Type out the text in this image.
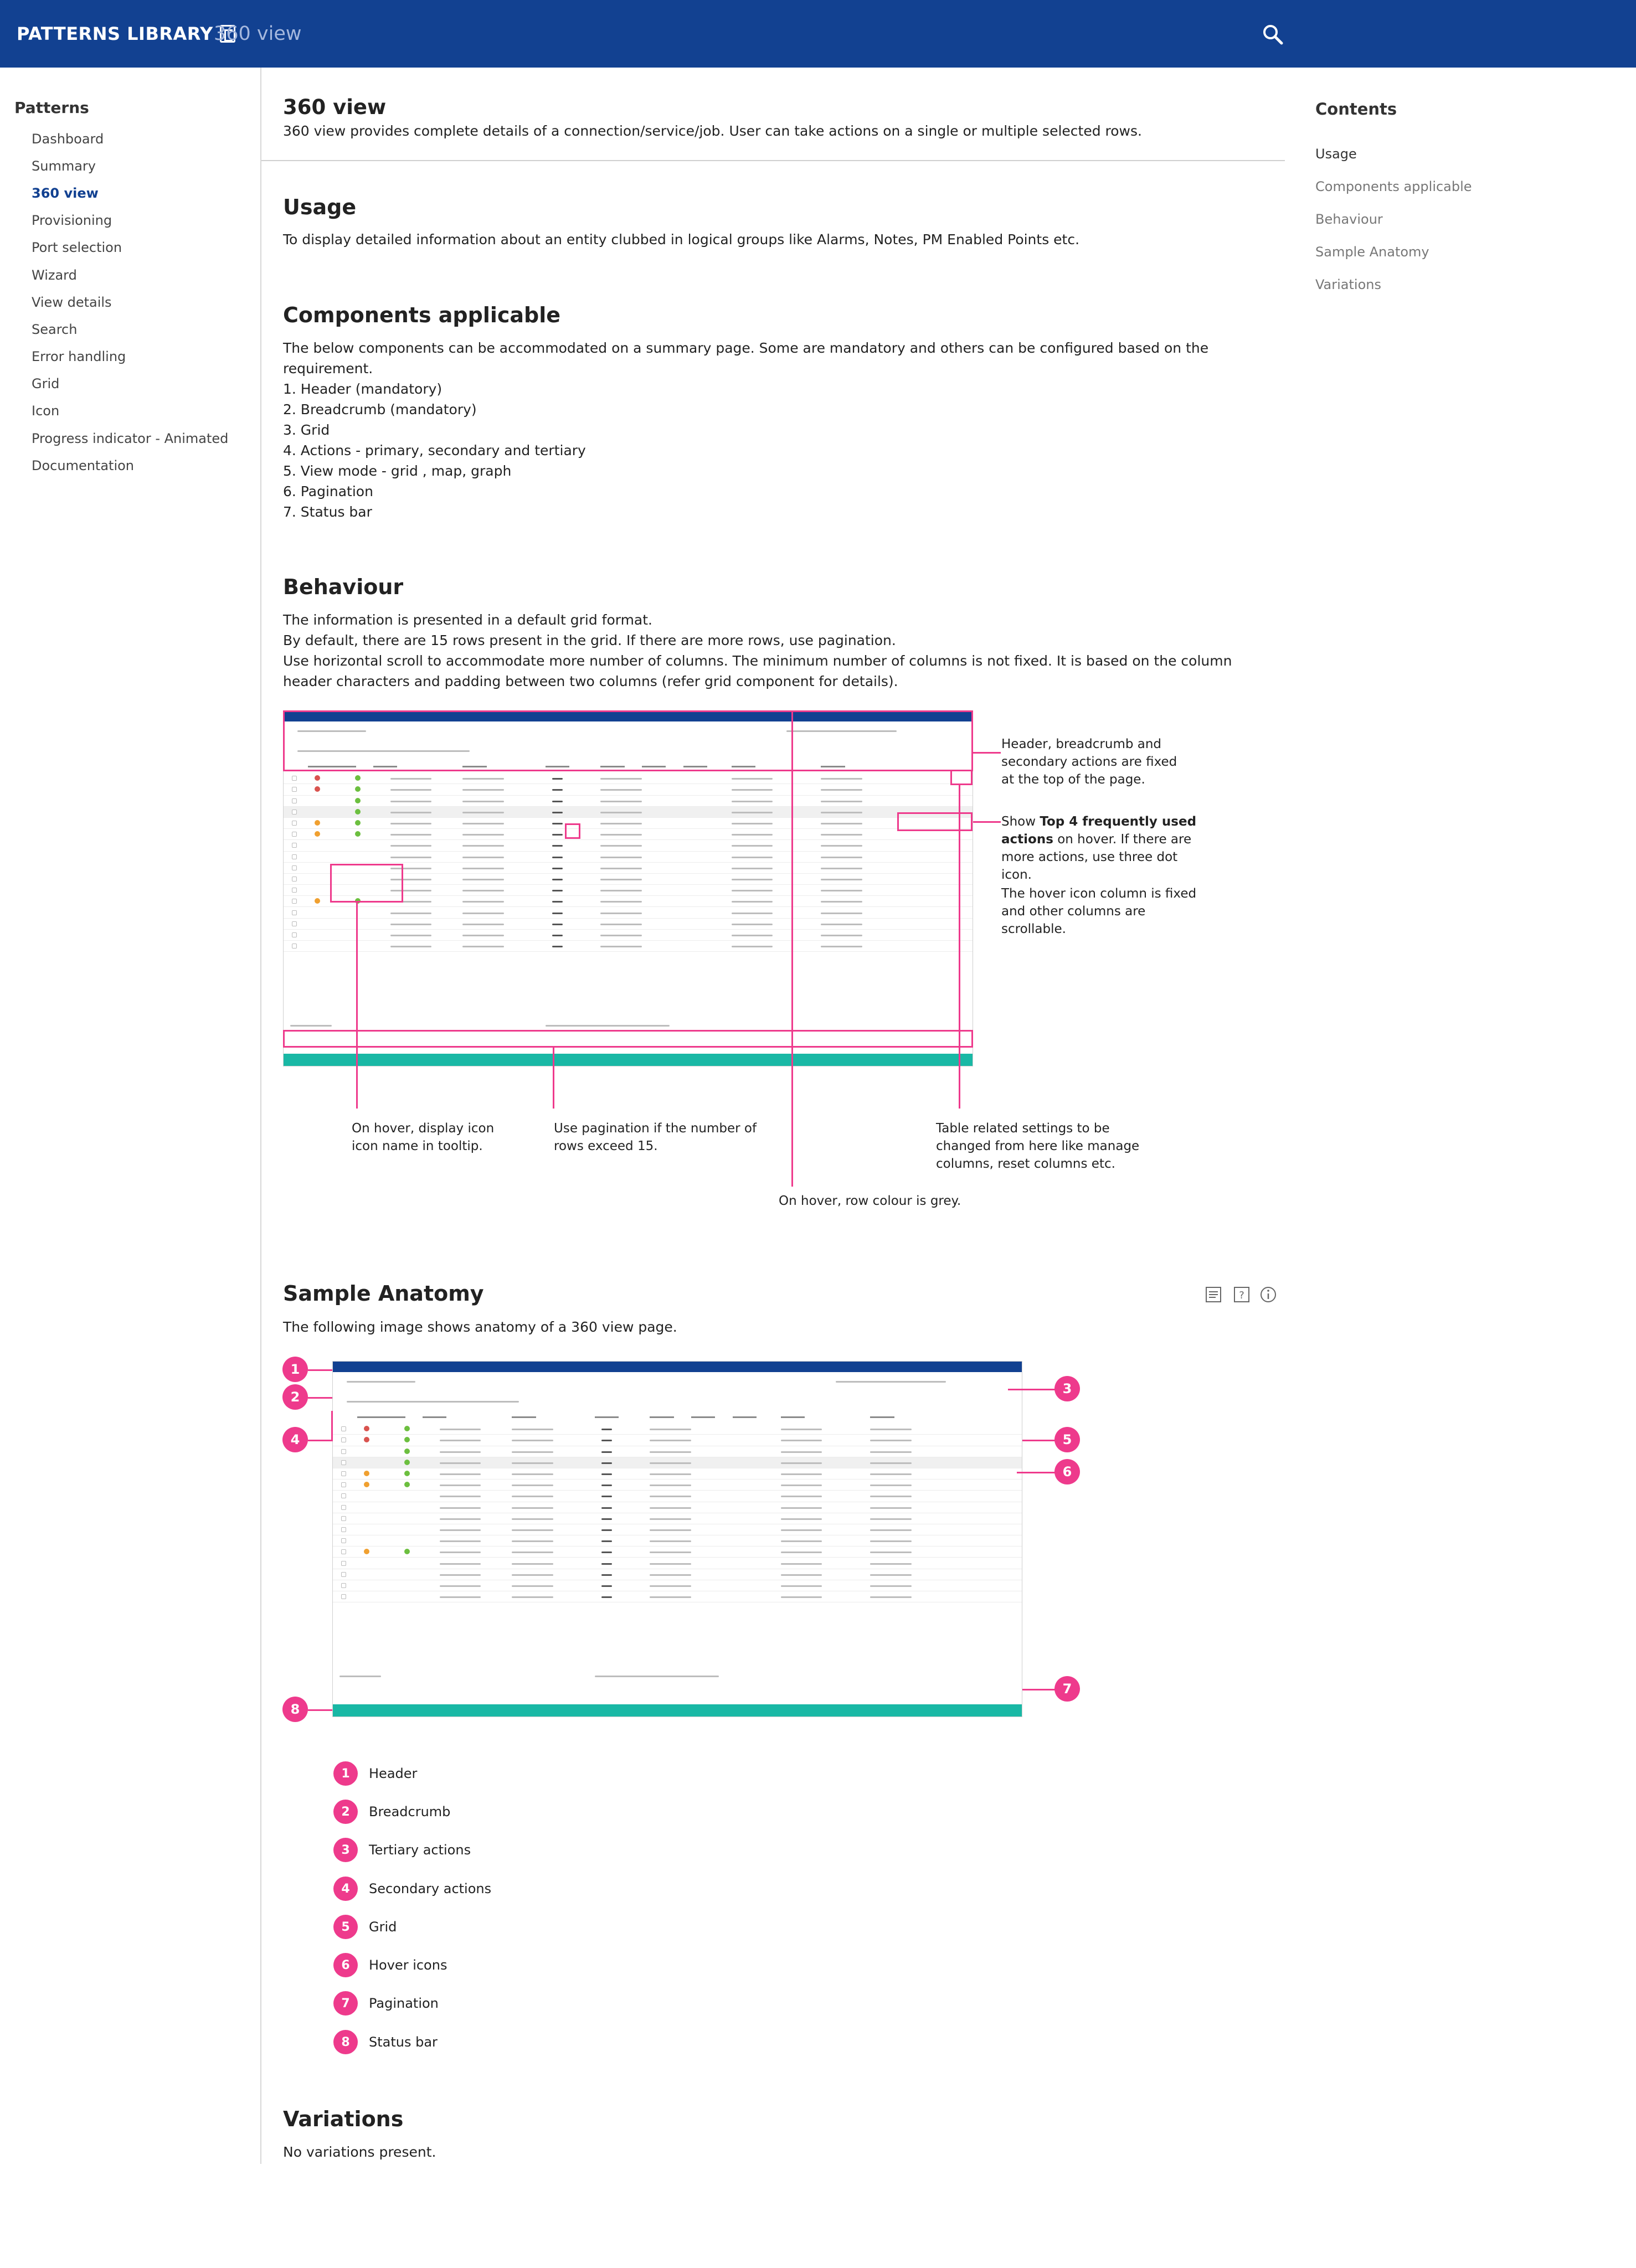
PATTERNS LIBRARY 360 view
Patterns
Dashboard
Summary
360 view
Provisioning
Port selection
Wizard
View details
Search
Error handling
Grid
Icon
Progress indicator - Animated
Documentation
Contents
Usage
Components applicable
Behaviour
Sample Anatomy
Variations
360 view
360 view provides complete details of a connection/service/job. User can take actions on a single or multiple selected rows.
Usage
To display detailed information about an entity clubbed in logical groups like Alarms, Notes, PM Enabled Points etc.
Components applicable
The below components can be accommodated on a summary page. Some are mandatory and others can be configured based on the requirement.
1. Header (mandatory)
2. Breadcrumb (mandatory)
3. Grid
4. Actions - primary, secondary and tertiary
5. View mode - grid , map, graph
6. Pagination
7. Status bar
Behaviour
The information is presented in a default grid format.
By default, there are 15 rows present in the grid. If there are more rows, use pagination.
Use horizontal scroll to accommodate more number of columns. The minimum number of columns is not fixed. It is based on the column header characters and padding between two columns (refer grid component for details).
Header, breadcrumb and secondary actions are fixed at the top of the page.
Show Top 4 frequently used actions on hover. If there are more actions, use three dot icon.
The hover icon column is fixed and other columns are scrollable.
On hover, display icon icon name in tooltip.
Use pagination if the number of rows exceed 15.
Table related settings to be changed from here like manage columns, reset columns etc.
On hover, row colour is grey.
Sample Anatomy
The following image shows anatomy of a 360 view page.
?
1
2
3
4	5
6
7
8
1	Header
2	Breadcrumb
3	Tertiary actions
4	Secondary actions
5	Grid
6	Hover icons
7	Pagination
8	Status bar
Variations
No variations present.
